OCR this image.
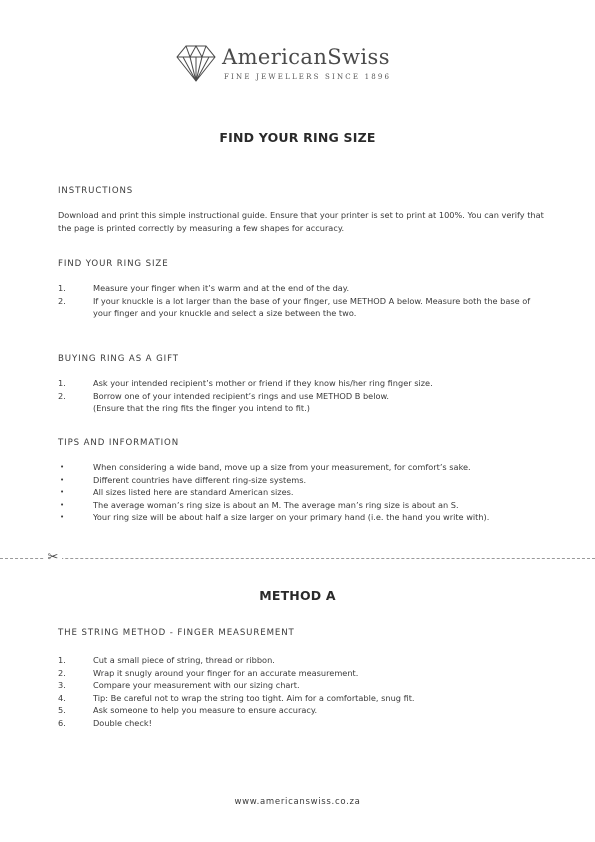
AmericanSwiss
FINE JEWELLERS SINCE 1896
FIND YOUR RING SIZE
INSTRUCTIONS
Download and print this simple instructional guide. Ensure that your printer is set to print at 100%. You can verify that the page is printed correctly by measuring a few shapes for accuracy.
FIND YOUR RING SIZE
1.	Measure your finger when it’s warm and at the end of the day.
2.	If your knuckle is a lot larger than the base of your finger, use METHOD A below. Measure both the base of your finger and your knuckle and select a size between the two.
BUYING RING AS A GIFT
1.	Ask your intended recipient’s mother or friend if they know his/her ring finger size.
2.	Borrow one of your intended recipient’s rings and use METHOD B below. (Ensure that the ring fits the finger you intend to fit.)
TIPS AND INFORMATION
•	When considering a wide band, move up a size from your measurement, for comfort’s sake.
•	Different countries have different ring-size systems.
•	All sizes listed here are standard American sizes.
•	The average woman’s ring size is about an M. The average man’s ring size is about an S.
•	Your ring size will be about half a size larger on your primary hand (i.e. the hand you write with).
✂
METHOD A
THE STRING METHOD - FINGER MEASUREMENT
1.	Cut a small piece of string, thread or ribbon.
2.	Wrap it snugly around your finger for an accurate measurement.
3.	Compare your measurement with our sizing chart.
4.	Tip: Be careful not to wrap the string too tight. Aim for a comfortable, snug fit.
5.	Ask someone to help you measure to ensure accuracy.
6.	Double check!
www.americanswiss.co.za
